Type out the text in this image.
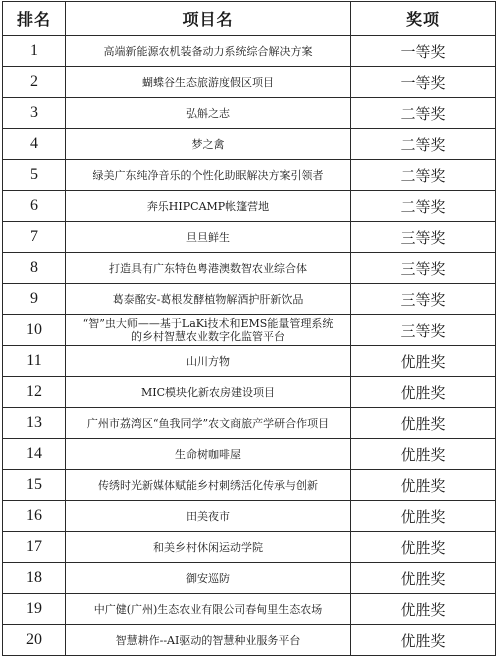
排名	项目名	奖项
1	高端新能源农机装备动力系统综合解决方案	一等奖
2	蝴蝶谷生态旅游度假区项目	一等奖
3	弘斛之志	二等奖
4	梦之禽	二等奖
5	绿美广东纯净音乐的个性化助眠解决方案引领者	二等奖
6	奔乐HIPCAMP帐篷营地	二等奖
7	旦旦鲜生	三等奖
8	打造具有广东特色粤港澳数智农业综合体	三等奖
9	葛泰酩安-葛根发酵植物解酒护肝新饮品	三等奖
10	“智”虫大师——基于LaKi技术和EMS能量管理系统
的乡村智慧农业数字化监管平台	三等奖
11	山川方物	优胜奖
12	MIC模块化新农房建设项目	优胜奖
13	广州市荔湾区“鱼我同学”农文商旅产学研合作项目	优胜奖
14	生命树咖啡屋	优胜奖
15	传绣时光新媒体赋能乡村刺绣活化传承与创新	优胜奖
16	田美夜市	优胜奖
17	和美乡村休闲运动学院	优胜奖
18	御安巡防	优胜奖
19	中广健(广州)生态农业有限公司春甸里生态农场	优胜奖
20	智慧耕作--AI驱动的智慧种业服务平台	优胜奖
